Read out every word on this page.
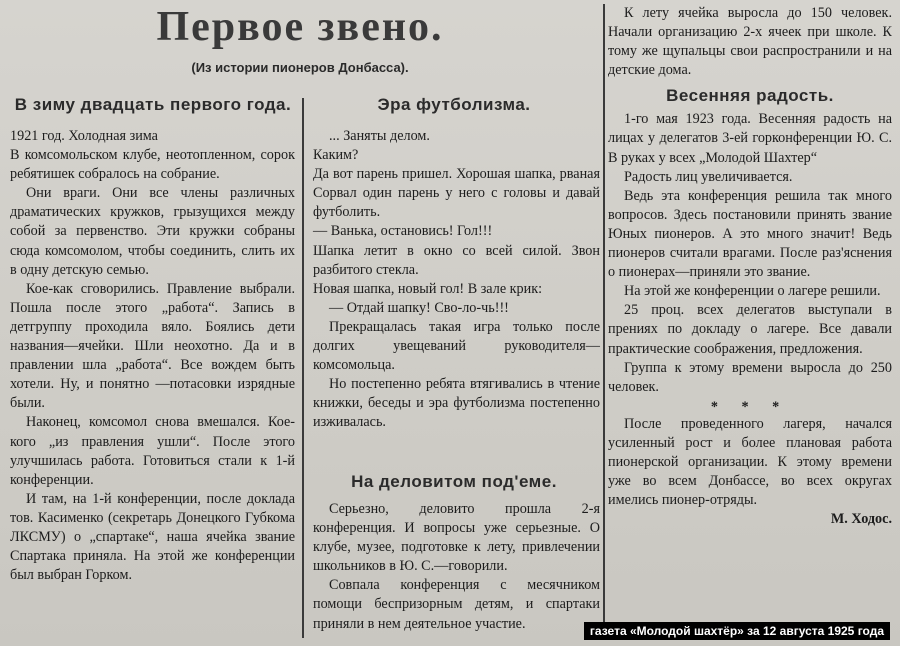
Первое звено.
(Из истории пионеров Донбасса).
В зиму двадцать первого года.

1921 год. Холодная зима

В комсомольском клубе, неотопленном, сорок ребятишек собралось на собрание.

Они враги. Они все члены различных драматических кружков, грызущихся между собой за первенство. Эти кружки собраны сюда комсомолом, чтобы соединить, слить их в одну детскую семью.

Кое-как сговорились. Правление выбрали. Пошла после этого „работа“. Запись в детгруппу проходила вяло. Боялись дети названия—ячейки. Шли неохотно. Да и в правлении шла „работа“. Все вождем быть хотели. Ну, и понятно —потасовки изрядные были.

Наконец, комсомол снова вмешался. Кое-кого „из правления ушли“. После этого улучшилась работа. Готовиться стали к 1-й конференции.

И там, на 1-й конференции, после доклада тов. Касименко (секретарь Донецкого Губкома ЛКСМУ) о „спартаке“, наша ячейка звание Спартака приняла. На этой же конференции был выбран Горком.

Эра футболизма.

... Заняты делом.

Каким?

Да вот парень пришел. Хорошая шапка, рваная Сорвал один парень у него с головы и давай футболить.

— Ванька, остановись! Гол!!!

Шапка летит в окно со всей силой. Звон разбитого стекла.

Новая шапка, новый гол! В зале крик:

— Отдай шапку! Сво-ло-чь!!!

Прекращалась такая игра только после долгих увещеваний руководителя—комсомольца.

Но постепенно ребята втягивались в чтение книжки, беседы и эра футболизма постепенно изживалась.

На деловитом под'еме.

Серьезно, деловито прошла 2-я конференция. И вопросы уже серьезные. О клубе, музее, подготовке к лету, привлечении школьников в Ю. С.—говорили.

Совпала конференция с месячником помощи беспризорным детям, и спартаки приняли в нем деятельное участие.

К лету ячейка выросла до 150 человек. Начали организацию 2-х ячеек при школе. К тому же щупальцы свои распространили и на детские дома.

Весенняя радость.

1-го мая 1923 года. Весенняя радость на лицах у делегатов 3-ей горконференции Ю. С. В руках у всех „Молодой Шахтер“

Радость лиц увеличивается.

Ведь эта конференция решила так много вопросов. Здесь постановили принять звание Юных пионеров. А это много значит! Ведь пионеров считали врагами. После раз'яснения о пионерах—приняли это звание.

На этой же конференции о лагере решили.

25 проц. всех делегатов выступали в прениях по докладу о лагере. Все давали практические соображения, предложения.

Группа к этому времени выросла до 250 человек.

* * *

После проведенного лагеря, начался усиленный рост и более плановая работа пионерской организации. К этому времени уже во всем Донбассе, во всех округах имелись пионер-отряды.

М. Ходос.

газета «Молодой шахтёр» за 12 августа 1925 года
